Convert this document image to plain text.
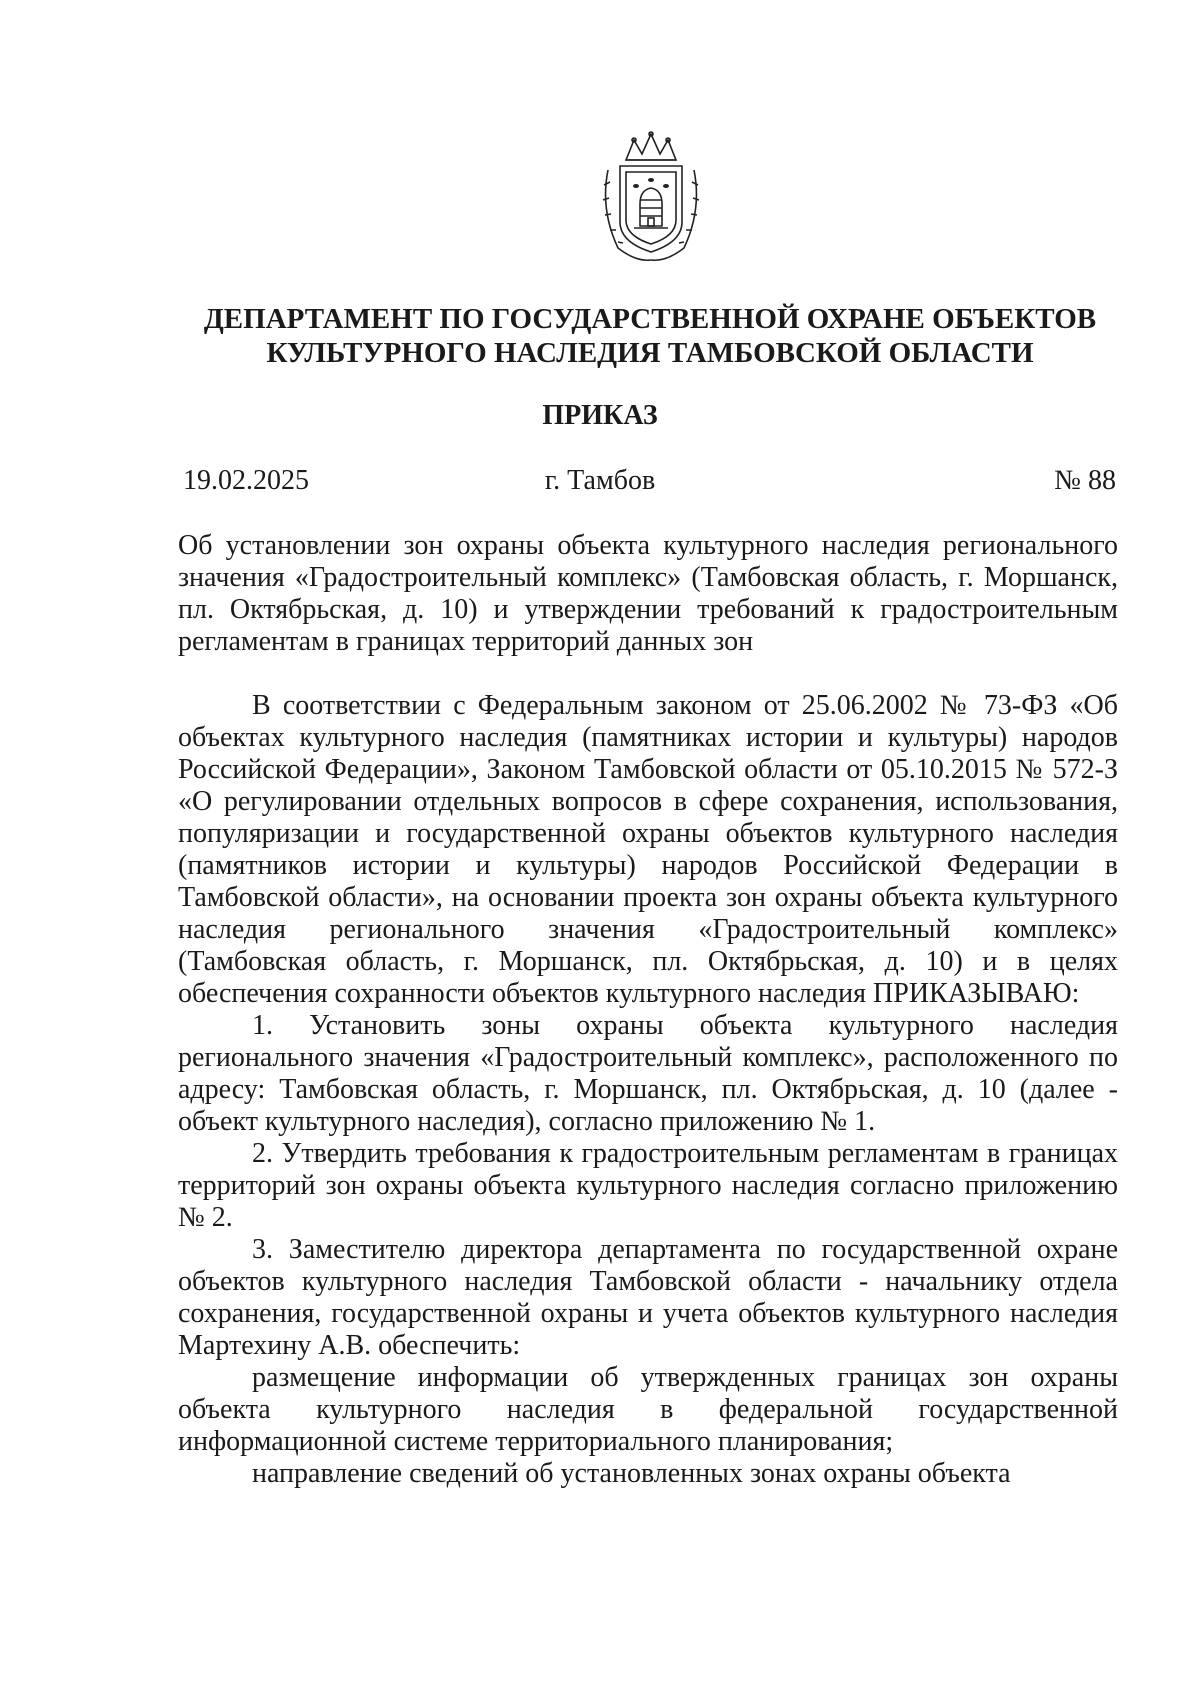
ДЕПАРТАМЕНТ ПО ГОСУДАРСТВЕННОЙ ОХРАНЕ ОБЪЕКТОВ КУЛЬТУРНОГО НАСЛЕДИЯ ТАМБОВСКОЙ ОБЛАСТИ
ПРИКАЗ
г. Тамбов
19.02.2025	№ 88
Об установлении зон охраны объекта культурного наследия регионального значения «Градостроительный комплекс» (Тамбовская область, г. Моршанск, пл. Октябрьская, д. 10) и утверждении требований к градостроительным регламентам в границах территорий данных зон

В соответствии с Федеральным законом от 25.06.2002 № 73-ФЗ «Об объектах культурного наследия (памятниках истории и культуры) народов Российской Федерации», Законом Тамбовской области от 05.10.2015 № 572-З «О регулировании отдельных вопросов в сфере сохранения, использования, популяризации и государственной охраны объектов культурного наследия (памятников истории и культуры) народов Российской Федерации в Тамбовской области», на основании проекта зон охраны объекта культурного наследия регионального значения «Градостроительный комплекс» (Тамбовская область, г. Моршанск, пл. Октябрьская, д. 10) и в целях обеспечения сохранности объектов культурного наследия ПРИКАЗЫВАЮ:

1. Установить зоны охраны объекта культурного наследия регионального значения «Градостроительный комплекс», расположенного по адресу: Тамбовская область, г. Моршанск, пл. Октябрьская, д. 10 (далее - объект культурного наследия), согласно приложению № 1.

2. Утвердить требования к градостроительным регламентам в границах территорий зон охраны объекта культурного наследия согласно приложению № 2.

3. Заместителю директора департамента по государственной охране объектов культурного наследия Тамбовской области - начальнику отдела сохранения, государственной охраны и учета объектов культурного наследия Мартехину А.В. обеспечить:

размещение информации об утвержденных границах зон охраны объекта культурного наследия в федеральной государственной информационной системе территориального планирования;

направление сведений об установленных зонах охраны объекта
